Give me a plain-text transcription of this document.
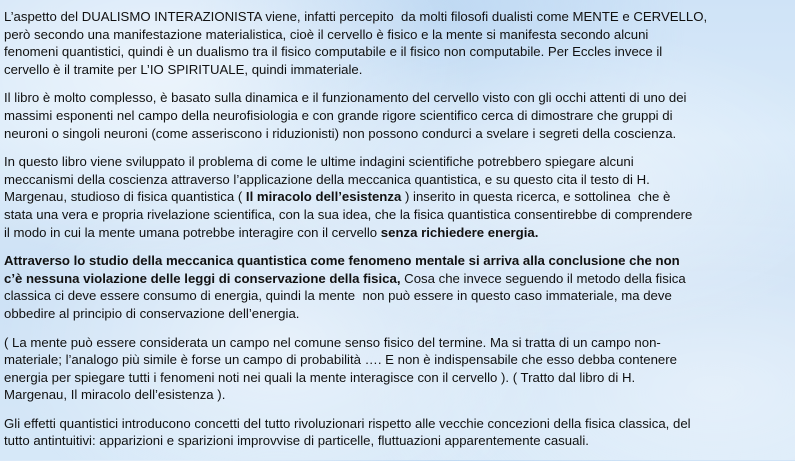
L’aspetto del DUALISMO INTERAZIONISTA viene, infatti percepito  da molti filosofi dualisti come MENTE e CERVELLO,
però secondo una manifestazione materialistica, cioè il cervello è fisico e la mente si manifesta secondo alcuni
fenomeni quantistici, quindi è un dualismo tra il fisico computabile e il fisico non computabile. Per Eccles invece il
cervello è il tramite per L’IO SPIRITUALE, quindi immateriale.
Il libro è molto complesso, è basato sulla dinamica e il funzionamento del cervello visto con gli occhi attenti di uno dei
massimi esponenti nel campo della neurofisiologia e con grande rigore scientifico cerca di dimostrare che gruppi di
neuroni o singoli neuroni (come asseriscono i riduzionisti) non possono condurci a svelare i segreti della coscienza.
In questo libro viene sviluppato il problema di come le ultime indagini scientifiche potrebbero spiegare alcuni
meccanismi della coscienza attraverso l’applicazione della meccanica quantistica, e su questo cita il testo di H.
Margenau, studioso di fisica quantistica ( Il miracolo dell’esistenza ) inserito in questa ricerca, e sottolinea  che è
stata una vera e propria rivelazione scientifica, con la sua idea, che la fisica quantistica consentirebbe di comprendere
il modo in cui la mente umana potrebbe interagire con il cervello senza richiedere energia.
Attraverso lo studio della meccanica quantistica come fenomeno mentale si arriva alla conclusione che non
c’è nessuna violazione delle leggi di conservazione della fisica, Cosa che invece seguendo il metodo della fisica
classica ci deve essere consumo di energia, quindi la mente  non può essere in questo caso immateriale, ma deve
obbedire al principio di conservazione dell’energia.
( La mente può essere considerata un campo nel comune senso fisico del termine. Ma si tratta di un campo non-
materiale; l’analogo più simile è forse un campo di probabilità …. E non è indispensabile che esso debba contenere
energia per spiegare tutti i fenomeni noti nei quali la mente interagisce con il cervello ). ( Tratto dal libro di H.
Margenau, Il miracolo dell’esistenza ).
Gli effetti quantistici introducono concetti del tutto rivoluzionari rispetto alle vecchie concezioni della fisica classica, del
tutto antintuitivi: apparizioni e sparizioni improvvise di particelle, fluttuazioni apparentemente casuali.
